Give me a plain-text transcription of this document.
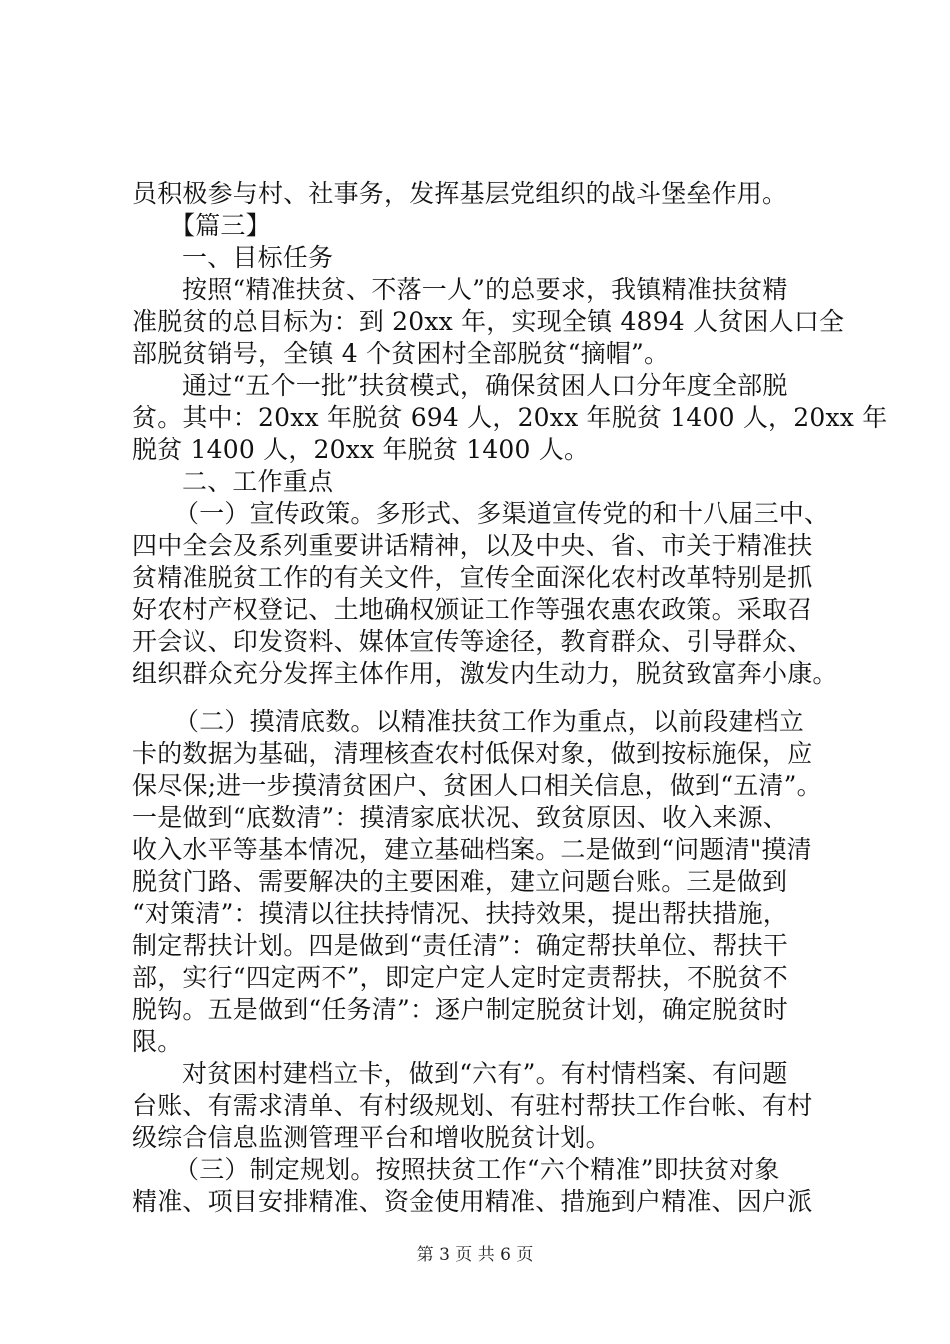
员积极参与村、社事务，发挥基层党组织的战斗堡垒作用。
【篇三】
一、目标任务
按照“精准扶贫、不落一人”的总要求，我镇精准扶贫精
准脱贫的总目标为：到 20xx 年，实现全镇 4894 人贫困人口全
部脱贫销号，全镇 4 个贫困村全部脱贫“摘帽”。
通过“五个一批”扶贫模式，确保贫困人口分年度全部脱
贫。其中：20xx 年脱贫 694 人，20xx 年脱贫 1400 人，20xx 年
脱贫 1400 人，20xx 年脱贫 1400 人。
二、工作重点
（一）宣传政策。多形式、多渠道宣传党的和十八届三中、
四中全会及系列重要讲话精神，以及中央、省、市关于精准扶
贫精准脱贫工作的有关文件，宣传全面深化农村改革特别是抓
好农村产权登记、土地确权颁证工作等强农惠农政策。采取召
开会议、印发资料、媒体宣传等途径，教育群众、引导群众、
组织群众充分发挥主体作用，激发内生动力，脱贫致富奔小康。
（二）摸清底数。以精准扶贫工作为重点，以前段建档立
卡的数据为基础，清理核查农村低保对象，做到按标施保，应
保尽保;进一步摸清贫困户、贫困人口相关信息，做到“五清”。
一是做到“底数清”：摸清家底状况、致贫原因、收入来源、
收入水平等基本情况，建立基础档案。二是做到“问题清"摸清
脱贫门路、需要解决的主要困难，建立问题台账。三是做到
“对策清”：摸清以往扶持情况、扶持效果，提出帮扶措施，
制定帮扶计划。四是做到“责任清”：确定帮扶单位、帮扶干
部，实行“四定两不”，即定户定人定时定责帮扶，不脱贫不
脱钩。五是做到“任务清”：逐户制定脱贫计划，确定脱贫时
限。
对贫困村建档立卡，做到“六有”。有村情档案、有问题
台账、有需求清单、有村级规划、有驻村帮扶工作台帐、有村
级综合信息监测管理平台和增收脱贫计划。
（三）制定规划。按照扶贫工作“六个精准”即扶贫对象
精准、项目安排精准、资金使用精准、措施到户精准、因户派
第 3 页 共 6 页
